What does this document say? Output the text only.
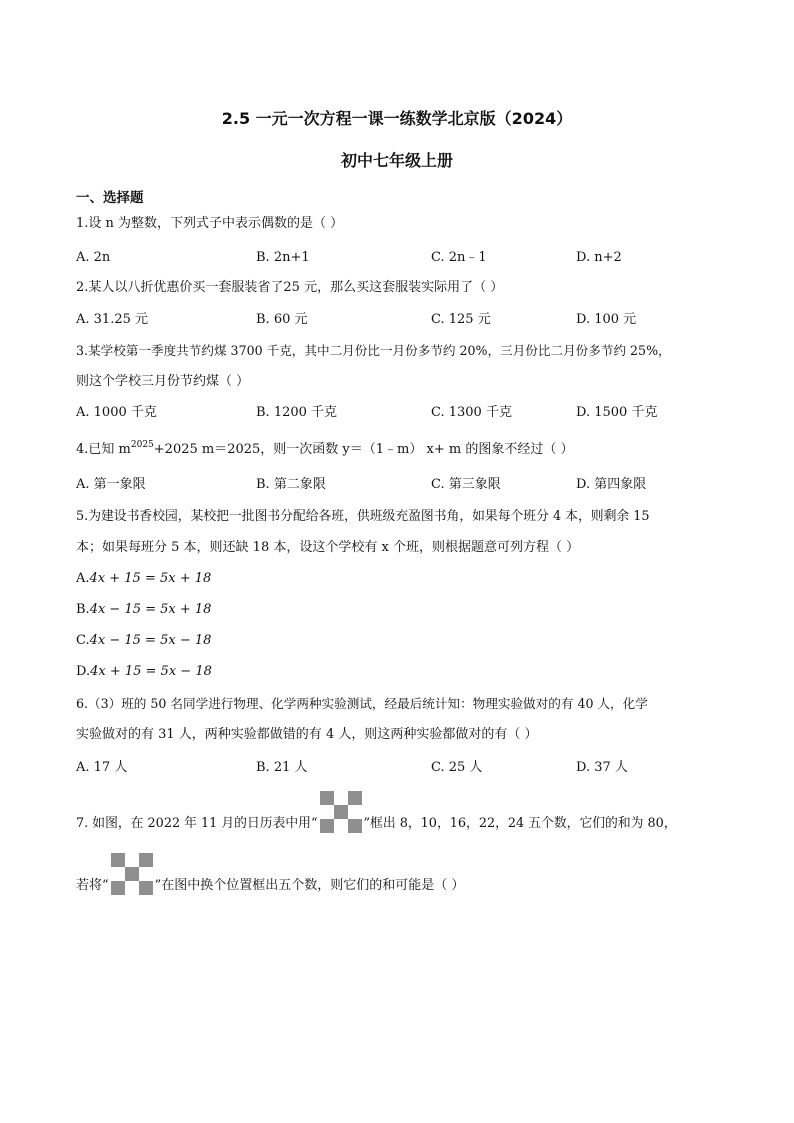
2.5 一元一次方程一课一练数学北京版（2024）
初中七年级上册
一、选择题
1.设 n 为整数，下列式子中表示偶数的是（ ）
A. 2n	B. 2n+1	C. 2n﹣1	D. n+2
2.某人以八折优惠价买一套服装省了25 元，那么买这套服装实际用了（ ）
A. 31.25 元	B. 60 元	C. 125 元	D. 100 元
3.某学校第一季度共节约煤 3700 千克，其中二月份比一月份多节约 20%，三月份比二月份多节约 25%，
则这个学校三月份节约煤（ ）
A. 1000 千克	B. 1200 千克	C. 1300 千克	D. 1500 千克
4.已知 $m^{2025}+2025$ m＝2025，则一次函数 y＝（1﹣m） x+ m 的图象不经过（ ）
A. 第一象限	B. 第二象限	C. 第三象限	D. 第四象限
5.为建设书香校园，某校把一批图书分配给各班，供班级充盈图书角，如果每个班分 4 本，则剩余 15
本；如果每班分 5 本，则还缺 18 本，设这个学校有 x 个班，则根据题意可列方程（ ）
A.4x + 15 = 5x + 18
B.4x − 15 = 5x + 18
C.4x − 15 = 5x − 18
D.4x + 15 = 5x − 18
6.（3）班的 50 名同学进行物理、化学两种实验测试，经最后统计知：物理实验做对的有 40 人，化学
实验做对的有 31 人，两种实验都做错的有 4 人，则这两种实验都做对的有（ ）
A. 17 人	B. 21 人	C. 25 人	D. 37 人
7. 如图，在 2022 年 11 月的日历表中用“	”框出 8，10，16，22，24 五个数，它们的和为 80，
若将“	”在图中换个位置框出五个数，则它们的和可能是（ ）
